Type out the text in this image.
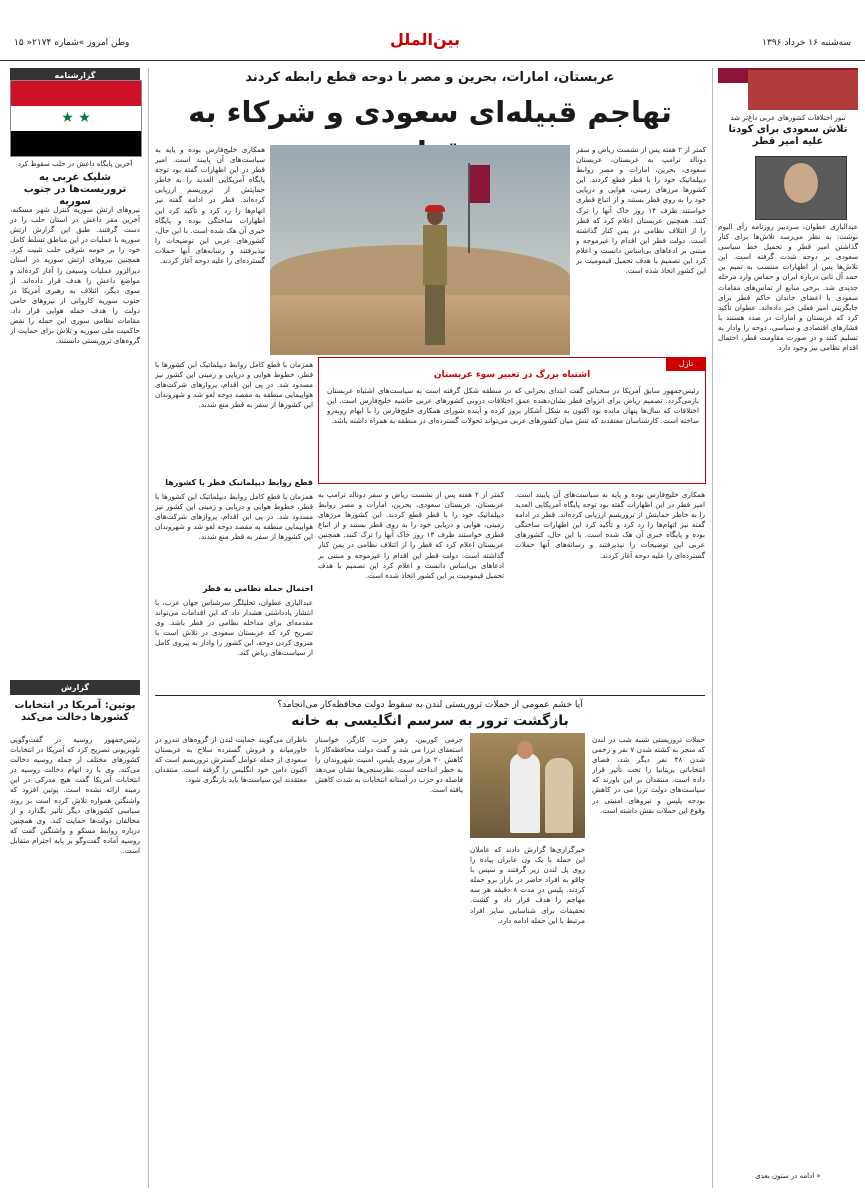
وطن امروز »شماره ۲۱۷۴« ۱۵	بین‌الملل	سه‌شنبه ۱۶ خرداد ۱۳۹۶
گزارشنامه
★ ★
آخرین پایگاه داعش در حلب سقوط کرد
شلیک غربی به تروریست‌ها در جنوب سوریه
نیروهای ارتش سوریه کنترل شهر مسکنه، آخرین مقر داعش در استان حلب را در دست گرفتند. طبق این گزارش ارتش سوریه با عملیات در این مناطق تسلط کامل خود را بر حومه شرقی حلب تثبیت کرد. همچنین نیروهای ارتش سوریه در استان دیرالزور عملیات وسیعی را آغاز کرده‌اند و مواضع داعش را هدف قرار داده‌اند. از سوی دیگر، ائتلاف به رهبری آمریکا در جنوب سوریه کاروانی از نیروهای حامی دولت را هدف حمله هوایی قرار داد. مقامات نظامی سوری این حمله را نقض حاکمیت ملی سوریه و تلاش برای حمایت از گروه‌های تروریستی دانستند.
گزارش
پوتین: آمریکا در انتخابات کشورها دخالت می‌کند
رئیس‌جمهور روسیه در گفت‌وگویی تلویزیونی تصریح کرد که آمریکا در انتخابات کشورهای مختلف از جمله روسیه دخالت می‌کند. وی با رد اتهام دخالت روسیه در انتخابات آمریکا گفت هیچ مدرکی در این زمینه ارائه نشده است. پوتین افزود که واشنگتن همواره تلاش کرده است بر روند سیاسی کشورهای دیگر تأثیر بگذارد و از مخالفان دولت‌ها حمایت کند. وی همچنین درباره روابط مسکو و واشنگتن گفت که روسیه آماده گفت‌وگو بر پایه احترام متقابل است.
تنور اختلافات کشورهای عربی داغ‌تر شد
تلاش سعودی برای کودتا علیه امیر قطر
عبدالباری عطوان، سردبیر روزنامه رأی الیوم نوشت: به نظر می‌رسد تلاش‌ها برای کنار گذاشتن امیر قطر و تحمیل خط سیاسی سعودی بر دوحه شدت گرفته است. این تلاش‌ها پس از اظهارات منتسب به تمیم بن حمد آل ثانی درباره ایران و حماس وارد مرحله جدیدی شد. برخی منابع از تماس‌های مقامات سعودی با اعضای خاندان حاکم قطر برای جایگزینی امیر فعلی خبر داده‌اند. عطوان تأکید کرد که عربستان و امارات در صدد هستند با فشارهای اقتصادی و سیاسی، دوحه را وادار به تسلیم کنند و در صورت مقاومت قطر، احتمال اقدام نظامی نیز وجود دارد.
« ادامه در ستون بعدی
عربستان، امارات، بحرین و مصر با دوحه قطع رابطه کردند
تهاجم قبیله‌ای سعودی و شرکاء به
کمتر از ۲ هفته پس از نشست ریاض و سفر دونالد ترامپ به عربستان، عربستان سعودی، بحرین، امارات و مصر روابط دیپلماتیک خود را با قطر قطع کردند. این کشورها مرزهای زمینی، هوایی و دریایی خود را به روی قطر بستند و از اتباع قطری خواستند ظرف ۱۴ روز خاک آنها را ترک کنند. همچنین عربستان اعلام کرد که قطر را از ائتلاف نظامی در یمن کنار گذاشته است. دولت قطر این اقدام را غیرموجه و مبتنی بر ادعاهای بی‌اساس دانست و اعلام کرد این تصمیم با هدف تحمیل قیمومیت بر این کشور اتخاذ شده است.
همکاری خلیج‌فارس بوده و پایه به سیاست‌های آن پایبند است. امیر قطر در این اظهارات گفته بود توجه پایگاه آمریکایی العدید را به خاطر حمایتش از تروریسم ارزیابی کرده‌اند. قطر در ادامه گفته نیز اتهام‌ها را رد کرد و تأکید کرد این اظهارات ساختگی بوده و پایگاه خبری آن هک شده است. با این حال، کشورهای عربی این توضیحات را نپذیرفتند و رسانه‌های آنها حملات گسترده‌ای را علیه دوحه آغاز کردند.
نازل
اشتباه بزرگ در تعبیر سوء عربستان
رئیس‌جمهور سابق آمریکا در سخنانی گفت ابتدای بحرانی که در منطقه شکل گرفته است به سیاست‌های اشتباه عربستان بازمی‌گردد. تصمیم ریاض برای انزوای قطر نشان‌دهنده عمق اختلافات درونی کشورهای عربی حاشیه خلیج‌فارس است. این اختلافات که سال‌ها پنهان مانده بود اکنون به شکل آشکار بروز کرده و آینده شورای همکاری خلیج‌فارس را با ابهام روبه‌رو ساخته است. کارشناسان معتقدند که تنش میان کشورهای عربی می‌تواند تحولات گسترده‌ای در منطقه به همراه داشته باشد.
همزمان با قطع کامل روابط دیپلماتیک این کشورها با قطر، خطوط هوایی و دریایی و زمینی این کشور نیز مسدود شد. در پی این اقدام، پروازهای شرکت‌های هواپیمایی منطقه به مقصد دوحه لغو شد و شهروندان این کشورها از سفر به قطر منع شدند.
قطع روابط دیپلماتیک قطر با کشورها
همزمان با قطع کامل روابط دیپلماتیک این کشورها با قطر، خطوط هوایی و دریایی و زمینی این کشور نیز مسدود شد. در پی این اقدام، پروازهای شرکت‌های هواپیمایی منطقه به مقصد دوحه لغو شد و شهروندان این کشورها از سفر به قطر منع شدند.
احتمال حمله نظامی به قطر
عبدالباری عطوان، تحلیلگر سرشناس جهان عرب، با انتشار یادداشتی هشدار داد که این اقدامات می‌تواند مقدمه‌ای برای مداخله نظامی در قطر باشد. وی تصریح کرد که عربستان سعودی در تلاش است با منزوی کردن دوحه، این کشور را وادار به پیروی کامل از سیاست‌های ریاض کند.
کمتر از ۲ هفته پس از نشست ریاض و سفر دونالد ترامپ به عربستان، عربستان سعودی، بحرین، امارات و مصر روابط دیپلماتیک خود را با قطر قطع کردند. این کشورها مرزهای زمینی، هوایی و دریایی خود را به روی قطر بستند و از اتباع قطری خواستند ظرف ۱۴ روز خاک آنها را ترک کنند. همچنین عربستان اعلام کرد که قطر را از ائتلاف نظامی در یمن کنار گذاشته است. دولت قطر این اقدام را غیرموجه و مبتنی بر ادعاهای بی‌اساس دانست و اعلام کرد این تصمیم با هدف تحمیل قیمومیت بر این کشور اتخاذ شده است.
همکاری خلیج‌فارس بوده و پایه به سیاست‌های آن پایبند است. امیر قطر در این اظهارات گفته بود توجه پایگاه آمریکایی العدید را به خاطر حمایتش از تروریسم ارزیابی کرده‌اند. قطر در ادامه گفته نیز اتهام‌ها را رد کرد و تأکید کرد این اظهارات ساختگی بوده و پایگاه خبری آن هک شده است. با این حال، کشورهای عربی این توضیحات را نپذیرفتند و رسانه‌های آنها حملات گسترده‌ای را علیه دوحه آغاز کردند.
آیا خشم عمومی از حملات تروریستی لندن به سقوط دولت محافظه‌کار می‌انجامد؟
بازگشت ترور به سرسم انگلیسی به خانه
حملات تروریستی شنبه شب در لندن که منجر به کشته شدن ۷ نفر و زخمی شدن ۴۸ نفر دیگر شد، فضای انتخاباتی بریتانیا را تحت تأثیر قرار داده است. منتقدان بر این باورند که سیاست‌های دولت ترزا می در کاهش بودجه پلیس و نیروهای امنیتی در وقوع این حملات نقش داشته است.
خبرگزاری‌ها گزارش دادند که عاملان این حمله با یک ون عابران پیاده را روی پل لندن زیر گرفتند و سپس با چاقو به افراد حاضر در بازار برو حمله کردند. پلیس در مدت ۸ دقیقه هر سه مهاجم را هدف قرار داد و کشت. تحقیقات برای شناسایی سایر افراد مرتبط با این حمله ادامه دارد.
جرمی کوربین، رهبر حزب کارگر، خواستار استعفای ترزا می شد و گفت دولت محافظه‌کار با کاهش ۲۰ هزار نیروی پلیس، امنیت شهروندان را به خطر انداخته است. نظرسنجی‌ها نشان می‌دهد فاصله دو حزب در آستانه انتخابات به شدت کاهش یافته است.
ناظران می‌گویند حمایت لندن از گروه‌های تندرو در خاورمیانه و فروش گسترده سلاح به عربستان سعودی از جمله عوامل گسترش تروریسم است که اکنون دامن خود انگلیس را گرفته است. منتقدان معتقدند این سیاست‌ها باید بازنگری شود.
